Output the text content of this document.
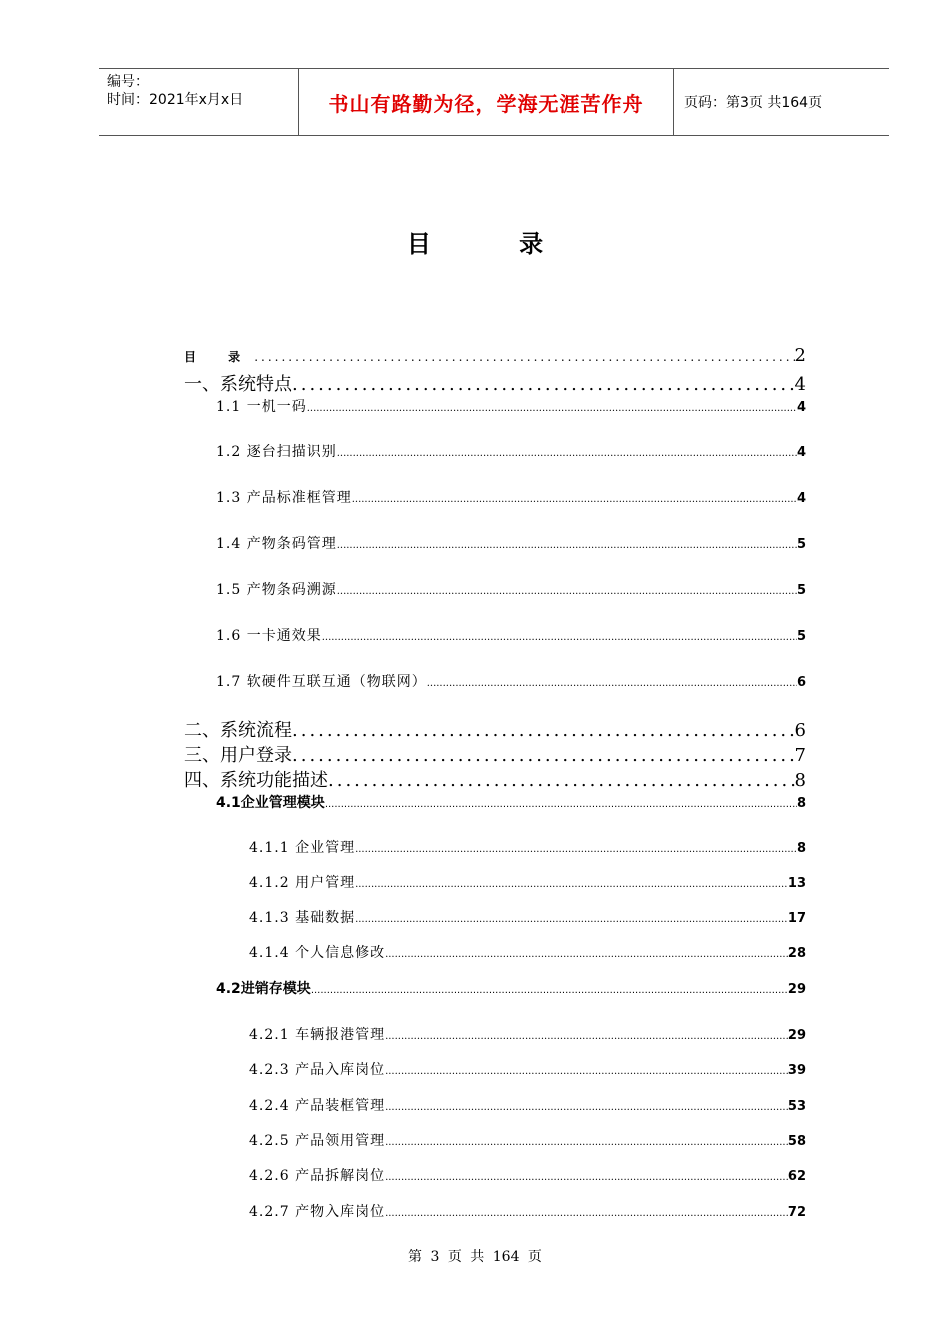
编号：
时间：2021年x月x日	书山有路勤为径，学海无涯苦作舟	页码：第3页 共164页
目 录
目 录 .....	2
一、系统特点 .....	4
1.1 一机一码 .....	4
1.2 逐台扫描识别 .....	4
1.3 产品标准框管理 .....	4
1.4 产物条码管理 .....	5
1.5 产物条码溯源 .....	5
1.6 一卡通效果 .....	5
1.7 软硬件互联互通（物联网） .....	6
二、系统流程 .....	6
三、用户登录 .....	7
四、系统功能描述 .....	8
4.1企业管理模块 .....	8
4.1.1 企业管理 .....	8
4.1.2 用户管理 .....	13
4.1.3 基础数据 .....	17
4.1.4 个人信息修改 .....	28
4.2进销存模块 .....	29
4.2.1 车辆报港管理 .....	29
4.2.3 产品入库岗位 .....	39
4.2.4 产品装框管理 .....	53
4.2.5 产品领用管理 .....	58
4.2.6 产品拆解岗位 .....	62
4.2.7 产物入库岗位 .....	72
第 3 页 共 164 页
